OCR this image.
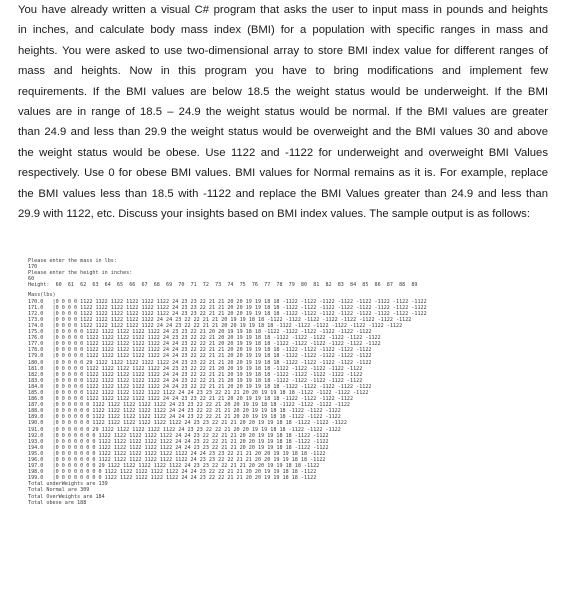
You have already written a visual C# program that asks the user to input mass in pounds and heights
in inches, and calculate body mass index (BMI) for a population with specific ranges in mass and
heights. You were asked to use two-dimensional array to store BMI index value for different ranges of
mass and heights. Now in this program you have to bring modifications and implement few
requirements. If the BMI values are below 18.5 the weight status would be underweight. If the BMI
values are in range of 18.5 – 24.9 the weight status would be normal. If the BMI values are greater
than 24.9 and less than 29.9 the weight status would be overweight and the BMI values 30 and above
the weight status would be obese. Use 1122 and -1122 for underweight and overweight BMI Values
respectively. Use 0 for obese BMI values. BMI values for Normal remains as it is. For example, replace
the BMI values less than 18.5 with -1122 and replace the BMI Values greater than 24.9 and less than
29.9 with 1122, etc. Discuss your insights based on BMI index values. The sample output is as follows:
Please enter the mass in lbs:
170
Please enter the height in inches:
60
Height:  60  61  62  63  64  65  66  67  68  69  70  71  72  73  74  75  76  77  78  79  80  81  82  83  84  85  86  87  88  89
Mass(lbs)
170.0   |0 0 0 0 1122 1122 1122 1122 1122 1122 24 23 23 22 21 21 20 20 19 19 18 18 -1122 -1122 -1122 -1122 -1122 -1122 -1122 -1122
171.0   |0 0 0 0 1122 1122 1122 1122 1122 1122 24 23 23 22 21 21 20 20 19 19 18 18 -1122 -1122 -1122 -1122 -1122 -1122 -1122 -1122
172.0   |0 0 0 0 1122 1122 1122 1122 1122 1122 24 23 23 22 21 21 20 20 19 19 18 18 -1122 -1122 -1122 -1122 -1122 -1122 -1122 -1122
173.0   |0 0 0 0 1122 1122 1122 1122 1122 24 24 23 22 22 21 21 20 19 19 18 18 -1122 -1122 -1122 -1122 -1122 -1122 -1122 -1122
174.0   |0 0 0 0 1122 1122 1122 1122 1122 24 24 23 22 22 21 21 20 20 19 19 18 18 -1122 -1122 -1122 -1122 -1122 -1122 -1122
175.0   |0 0 0 0 0 1122 1122 1122 1122 1122 24 23 23 22 21 20 20 19 19 18 18 -1122 -1122 -1122 -1122 -1122 -1122
176.0   |0 0 0 0 0 1122 1122 1122 1122 1122 24 23 23 22 22 21 20 20 19 19 18 18 -1122 -1122 -1122 -1122 -1122 -1122
177.0   |0 0 0 0 0 1122 1122 1122 1122 1122 24 24 23 22 22 21 20 20 19 19 18 18 -1122 -1122 -1122 -1122 -1122 -1122
178.0   |0 0 0 0 0 1122 1122 1122 1122 1122 24 24 23 22 22 21 21 20 20 19 19 18 18 -1122 -1122 -1122 -1122 -1122
179.0   |0 0 0 0 0 1122 1122 1122 1122 1122 24 24 23 22 22 21 21 20 20 19 19 18 18 -1122 -1122 -1122 -1122 -1122
180.0   |0 0 0 0 0 29 1122 1122 1122 1122 1122 24 23 23 22 21 21 20 20 19 19 18 18 -1122 -1122 -1122 -1122 -1122
181.0   |0 0 0 0 0 1122 1122 1122 1122 1122 24 23 23 22 22 21 20 20 19 19 18 18 -1122 -1122 -1122 -1122 -1122
182.0   |0 0 0 0 0 1122 1122 1122 1122 1122 24 24 23 22 22 21 21 20 19 19 18 18 -1122 -1122 -1122 -1122 -1122
183.0   |0 0 0 0 0 1122 1122 1122 1122 1122 24 24 23 22 22 21 21 20 19 19 18 18 -1122 -1122 -1122 -1122 -1122
184.0   |0 0 0 0 0 1122 1122 1122 1122 1122 24 24 23 22 22 21 21 20 20 19 19 18 18 -1122 -1122 -1122 -1122 -1122
185.0   |0 0 0 0 0 1122 1122 1122 1122 1122 1122 24 24 23 23 22 21 21 20 20 19 19 18 18 -1122 -1122 -1122 -1122
186.0   |0 0 0 0 0 1122 1122 1122 1122 1122 24 24 23 23 22 21 21 20 20 19 19 18 18 -1122 -1122 -1122 -1122
187.0   |0 0 0 0 0 0 1122 1122 1122 1122 1122 24 23 23 22 22 21 20 20 19 19 18 18 -1122 -1122 -1122 -1122
188.0   |0 0 0 0 0 0 1122 1122 1122 1122 1122 24 24 23 22 22 21 21 20 20 19 19 18 18 -1122 -1122 -1122
189.0   |0 0 0 0 0 0 1122 1122 1122 1122 1122 24 24 23 22 22 21 21 20 20 19 19 18 18 -1122 -1122 -1122
190.0   |0 0 0 0 0 0 1122 1122 1122 1122 1122 1122 24 23 23 22 21 21 20 20 19 19 18 18 -1122 -1122 -1122
191.0   |0 0 0 0 0 0 29 1122 1122 1122 1122 1122 24 23 23 22 22 21 20 20 19 19 18 18 -1122 -1122 -1122
192.0   |0 0 0 0 0 0 0 1122 1122 1122 1122 1122 24 24 23 22 22 21 21 20 20 19 19 18 18 -1122 -1122
193.0   |0 0 0 0 0 0 0 1122 1122 1122 1122 1122 24 24 23 22 22 21 21 20 20 19 19 18 18 -1122 -1122
194.0   |0 0 0 0 0 0 0 1122 1122 1122 1122 1122 24 24 23 23 22 21 21 20 20 19 19 18 18 -1122 -1122
195.0   |0 0 0 0 0 0 0 1122 1122 1122 1122 1122 1122 24 24 23 23 22 21 21 20 20 19 19 18 18 -1122
196.0   |0 0 0 0 0 0 0 1122 1122 1122 1122 1122 1122 24 23 23 22 22 21 21 20 20 19 19 18 18 -1122
197.0   |0 0 0 0 0 0 0 29 1122 1122 1122 1122 1122 24 23 23 22 22 21 21 20 20 19 19 18 18 -1122
198.0   |0 0 0 0 0 0 0 0 1122 1122 1122 1122 1122 24 24 23 22 22 21 21 20 20 19 19 18 18 -1122
199.0   |0 0 0 0 0 0 0 0 1122 1122 1122 1122 1122 24 24 23 22 22 21 21 20 20 19 19 18 18 -1122
Total underWeights are 139
Total Normal are 309
Total OverWeights are 184
Total obese are 188
